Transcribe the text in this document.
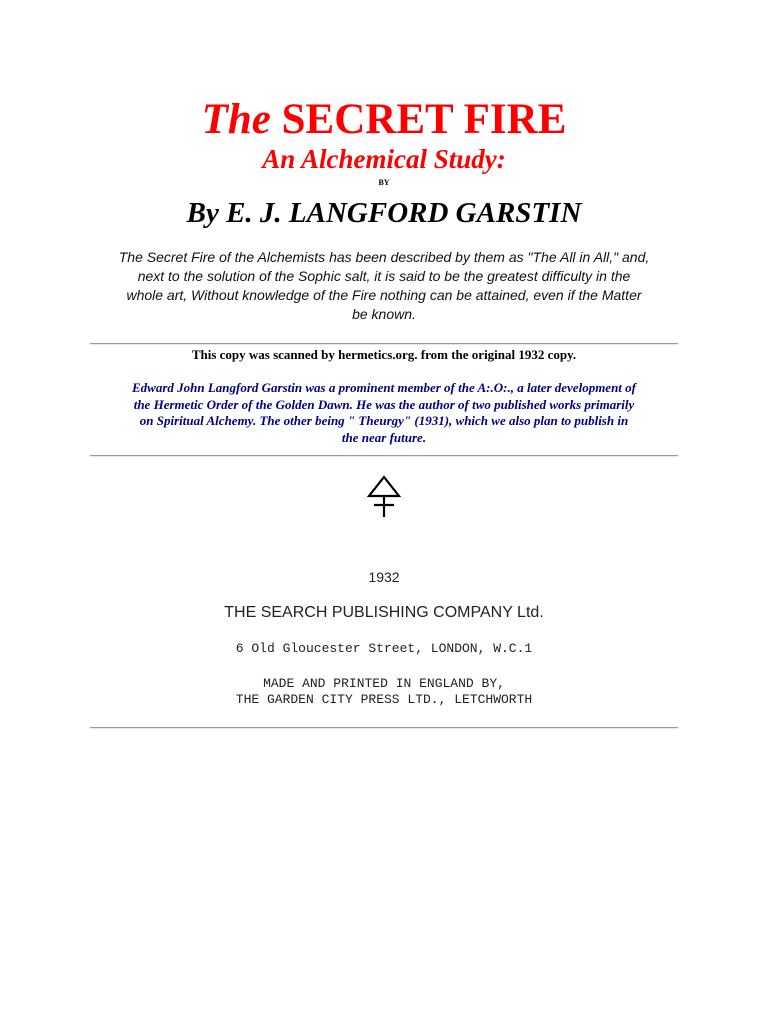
The SECRET FIRE
An Alchemical Study:
BY
By E. J. LANGFORD GARSTIN
The Secret Fire of the Alchemists has been described by them as "The All in All," and,
next to the solution of the Sophic salt, it is said to be the greatest difficulty in the
whole art, Without knowledge of the Fire nothing can be attained, even if the Matter
be known.
This copy was scanned by hermetics.org. from the original 1932 copy.
Edward John Langford Garstin was a prominent member of the A:.O:., a later development of
the Hermetic Order of the Golden Dawn. He was the author of two published works primarily
on Spiritual Alchemy. The other being " Theurgy" (1931), which we also plan to publish in
the near future.
1932
THE SEARCH PUBLISHING COMPANY Ltd.
6 Old Gloucester Street, LONDON, W.C.1
MADE AND PRINTED IN ENGLAND BY,
THE GARDEN CITY PRESS LTD., LETCHWORTH
